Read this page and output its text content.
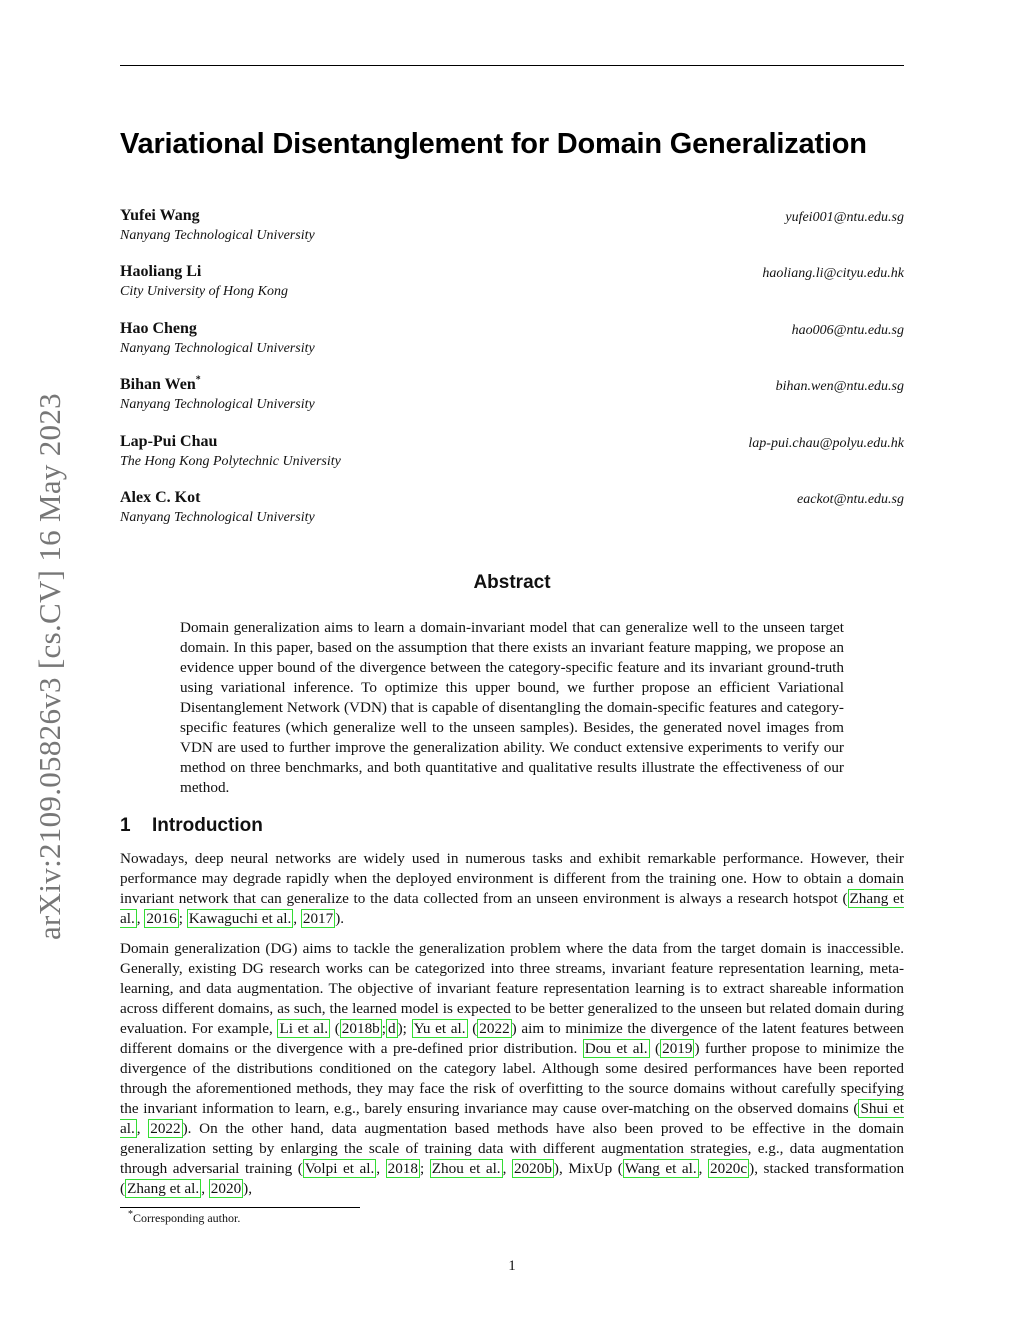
arXiv:2109.05826v3 [cs.CV] 16 May 2023
Variational Disentanglement for Domain Generalization
Yufei Wang
Nanyang Technological University
yufei001@ntu.edu.sg
Haoliang Li
City University of Hong Kong
haoliang.li@cityu.edu.hk
Hao Cheng
Nanyang Technological University
hao006@ntu.edu.sg
Bihan Wen*
Nanyang Technological University
bihan.wen@ntu.edu.sg
Lap-Pui Chau
The Hong Kong Polytechnic University
lap-pui.chau@polyu.edu.hk
Alex C. Kot
Nanyang Technological University
eackot@ntu.edu.sg
Abstract

Domain generalization aims to learn a domain-invariant model that can generalize well to the unseen target domain. In this paper, based on the assumption that there exists an invariant feature mapping, we propose an evidence upper bound of the divergence between the category-specific feature and its invariant ground-truth using variational inference. To optimize this upper bound, we further propose an efficient Variational Disentanglement Network (VDN) that is capable of disentangling the domain-specific features and category-specific features (which generalize well to the unseen samples). Besides, the generated novel images from VDN are used to further improve the generalization ability. We conduct extensive experiments to verify our method on three benchmarks, and both quantitative and qualitative results illustrate the effectiveness of our method.

1 Introduction

Nowadays, deep neural networks are widely used in numerous tasks and exhibit remarkable performance. However, their performance may degrade rapidly when the deployed environment is different from the training one. How to obtain a domain invariant network that can generalize to the data collected from an unseen environment is always a research hotspot ( Zhang et al. , 2016 ; Kawaguchi et al. , 2017 ).

Domain generalization (DG) aims to tackle the generalization problem where the data from the target domain is inaccessible. Generally, existing DG research works can be categorized into three streams, invariant feature representation learning, meta-learning, and data augmentation. The objective of invariant feature representation learning is to extract shareable information across different domains, as such, the learned model is expected to be better generalized to the unseen but related domain during evaluation. For example, Li et al. ( 2018b ; d ); Yu et al. ( 2022 ) aim to minimize the divergence of the latent features between different domains or the divergence with a pre-defined prior distribution. Dou et al. ( 2019 ) further propose to minimize the divergence of the distributions conditioned on the category label. Although some desired performances have been reported through the aforementioned methods, they may face the risk of overfitting to the source domains without carefully specifying the invariant information to learn, e.g., barely ensuring invariance may cause over-matching on the observed domains ( Shui et al. , 2022 ). On the other hand, data augmentation based methods have also been proved to be effective in the domain generalization setting by enlarging the scale of training data with different augmentation strategies, e.g., data augmentation through adversarial training ( Volpi et al. , 2018 ; Zhou et al. , 2020b ), MixUp ( Wang et al. , 2020c ), stacked transformation ( Zhang et al. , 2020 ),

*Corresponding author.
1
